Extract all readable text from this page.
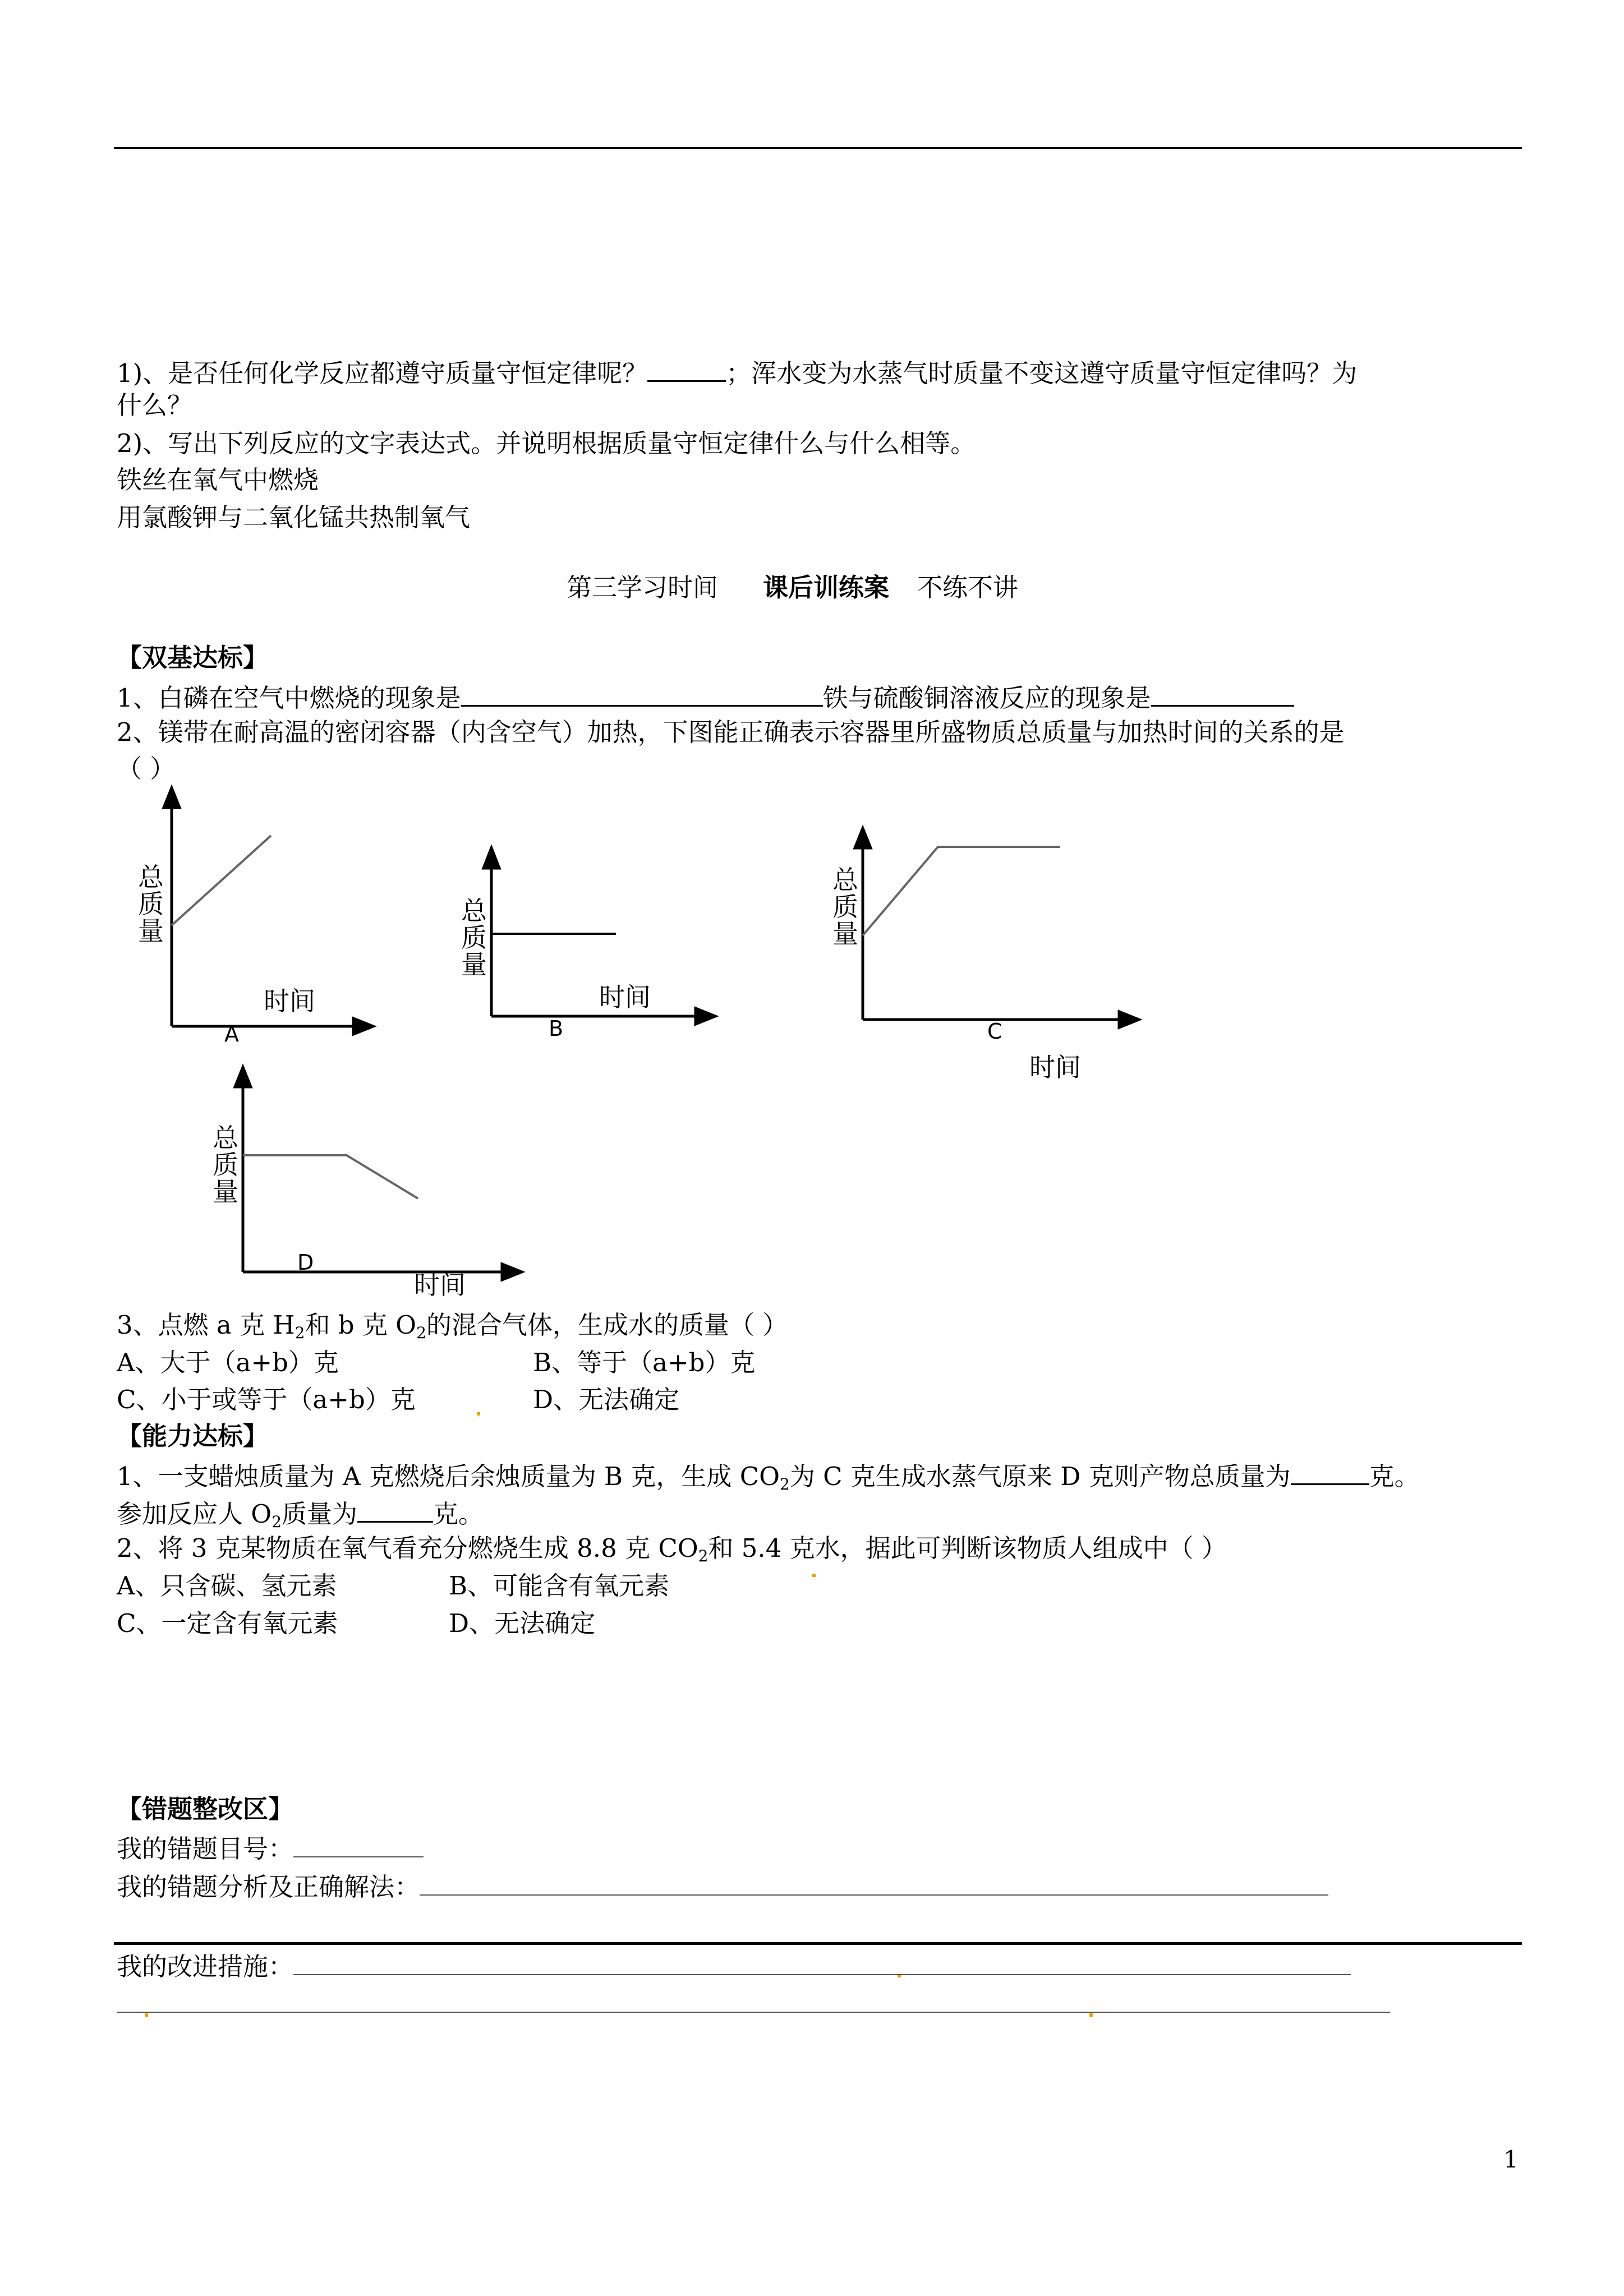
1)、是否任何化学反应都遵守质量守恒定律呢？	；浑水变为水蒸气时质量不变这遵守质量守恒定律吗？为
什么？
2)、写出下列反应的文字表达式。并说明根据质量守恒定律什么与什么相等。
铁丝在氧气中燃烧
用氯酸钾与二氧化锰共热制氧气
第三学习时间 课后训练案 不练不讲
【双基达标】
1、白磷在空气中燃烧的现象是	铁与硫酸铜溶液反应的现象是
2、镁带在耐高温的密闭容器（内含空气）加热，下图能正确表示容器里所盛物质总质量与加热时间的关系的是
（ ）
总质量
时间
A
总质量
时间
B
总质量
C
时间
总质量
D
时间
3、点燃 a 克 $H_2$和 b 克 $O_2$的混合气体，生成水的质量（ ）
A、大于（a+b）克	B、等于（a+b）克
C、小于或等于（a+b）克	D、无法确定
【能力达标】
1、一支蜡烛质量为 A 克燃烧后余烛质量为 B 克，生成 $CO_2$为 C 克生成水蒸气原来 D 克则产物总质量为	克。
参加反应人 $O_2$质量为	克。
2、将 3 克某物质在氧气看充分燃烧生成 8.8 克 $CO_2$和 5.4 克水，据此可判断该物质人组成中（ ）
A、只含碳、氢元素	B、可能含有氧元素
C、一定含有氧元素	D、无法确定
【错题整改区】
我的错题目号：
我的错题分析及正确解法：
我的改进措施：
1
